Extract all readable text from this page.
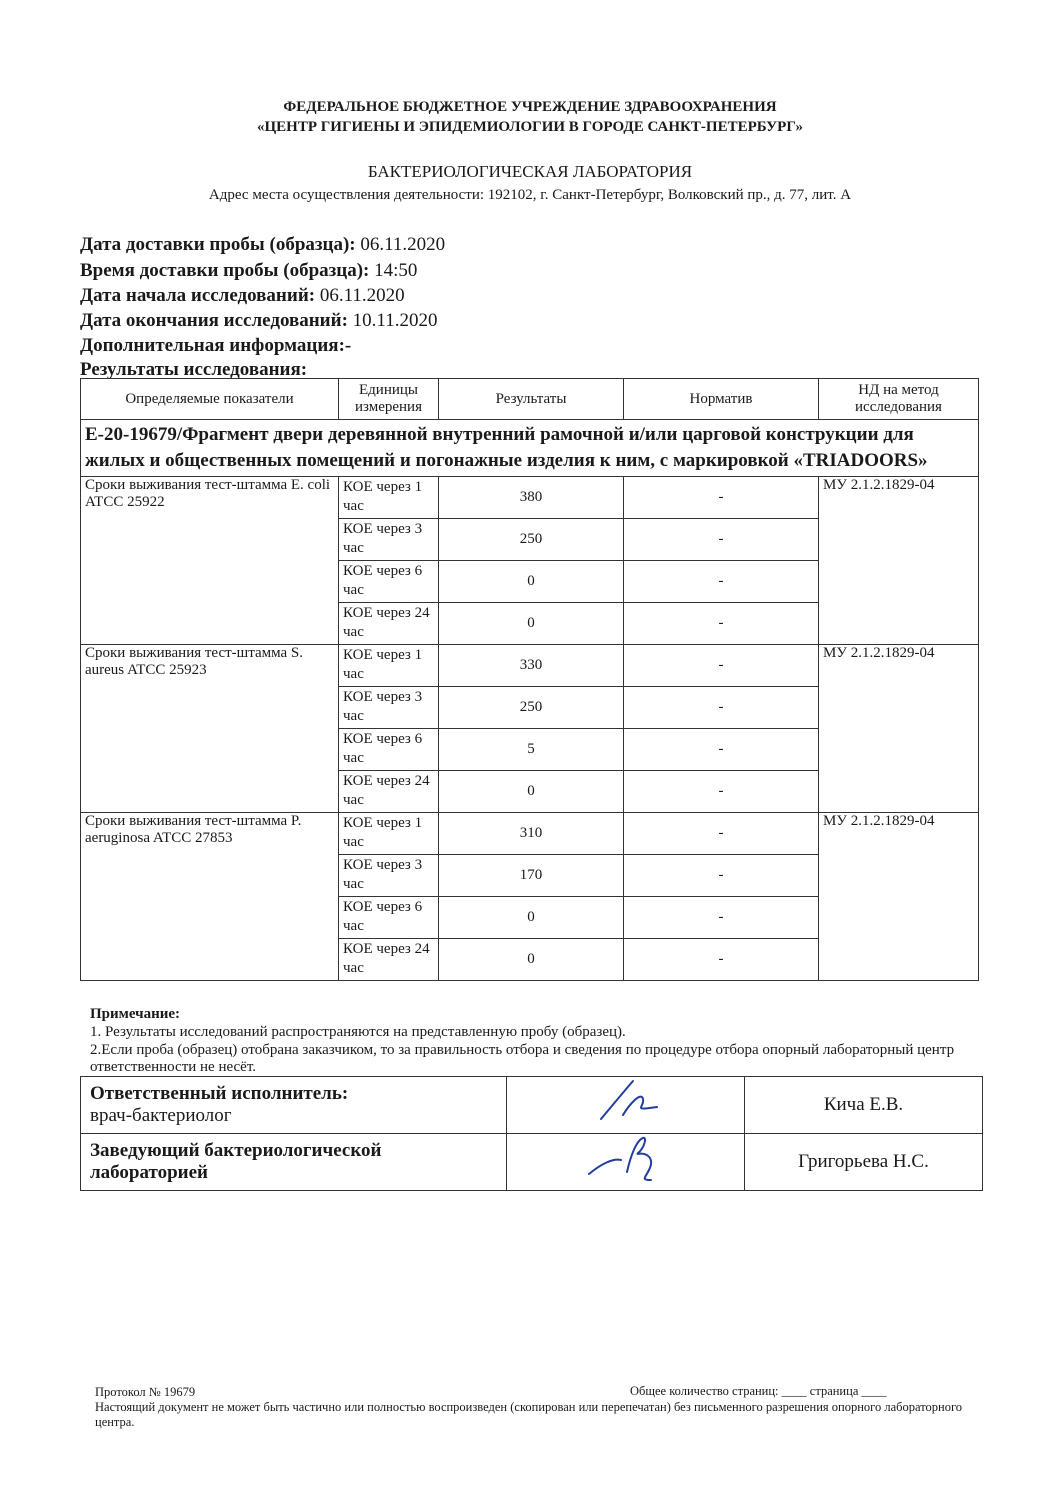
ФЕДЕРАЛЬНОЕ БЮДЖЕТНОЕ УЧРЕЖДЕНИЕ ЗДРАВООХРАНЕНИЯ
«ЦЕНТР ГИГИЕНЫ И ЭПИДЕМИОЛОГИИ В ГОРОДЕ САНКТ-ПЕТЕРБУРГ»
БАКТЕРИОЛОГИЧЕСКАЯ ЛАБОРАТОРИЯ
Адрес места осуществления деятельности: 192102, г. Санкт-Петербург, Волковский пр., д. 77, лит. А
Дата доставки пробы (образца): 06.11.2020
Время доставки пробы (образца): 14:50
Дата начала исследований: 06.11.2020
Дата окончания исследований: 10.11.2020
Дополнительная информация:-
Результаты исследования:
Определяемые показатели	Единицы измерения	Результаты	Норматив	НД на метод исследования
Е-20-19679/Фрагмент двери деревянной внутренний рамочной и/или царговой конструкции для жилых и общественных помещений и погонажные изделия к ним, с маркировкой «TRIADOORS»				
Сроки выживания тест-штамма E. coli ATCC 25922	КОЕ через 1 час	380	-	МУ 2.1.2.1829-04
	КОЕ через 3 час	250	-	
	КОЕ через 6 час	0	-	
	КОЕ через 24 час	0	-	
Сроки выживания тест-штамма S. aureus ATCC 25923	КОЕ через 1 час	330	-	МУ 2.1.2.1829-04
	КОЕ через 3 час	250	-	
	КОЕ через 6 час	5	-	
	КОЕ через 24 час	0	-	
Сроки выживания тест-штамма P. aeruginosa ATCC 27853	КОЕ через 1 час	310	-	МУ 2.1.2.1829-04
	КОЕ через 3 час	170	-	
	КОЕ через 6 час	0	-	
	КОЕ через 24 час	0	-	

Примечание:

1. Результаты исследований распространяются на представленную пробу (образец).

2.Если проба (образец) отобрана заказчиком, то за правильность отбора и сведения по процедуре отбора опорный лабораторный центр ответственности не несёт.

Ответственный исполнитель:
врач-бактериолог		Кича Е.В.

Заведующий бактериологической лабораторией		Григорьева Н.С.
Общее количество страниц: ____ страница ____
Протокол № 19679
Настоящий документ не может быть частично или полностью воспроизведен (скопирован или перепечатан) без письменного разрешения опорного лабораторного центра.
